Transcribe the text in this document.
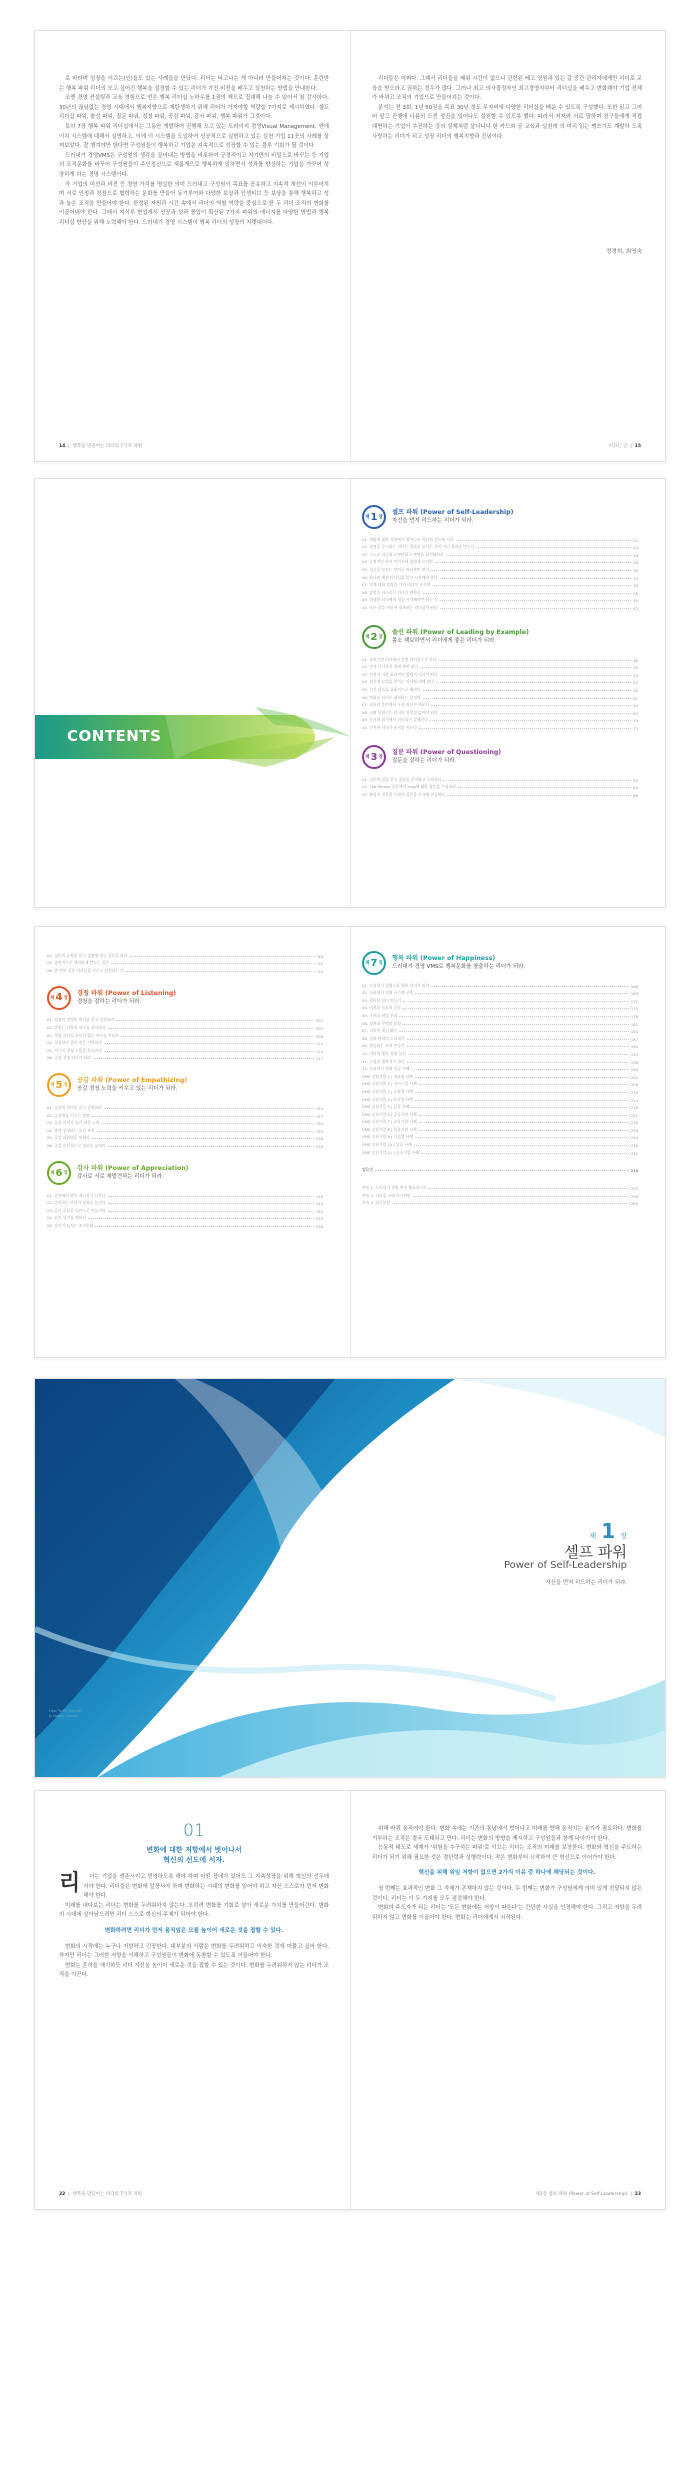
로 바라며 성장을 이끄는(인)들도 있는 사례들을 만났다. 리더는 타고나는 게 아니라 만들어지는 것이다. 훈련받는 행복 파워 리더의 모고 싶어진 행복을 설정할 수 있는 리더가 가진 비전을 배우고 실천하는 방법을 안내한다.

조엔 경영 컨설팅과 교육 경험으로 얻은 행복 리더십 노하우를 1권의 책으로 집대해 나눔 수 있어서 참 감사하다. 30년의 끊임없는 경영 시대에서 행복지향으로 재탄생하기 위해 리더가 가져야할 역량을 7가지로 제시하였다. 셀프리더십 파워, 솔선 파워, 질문 파워, 경청 파워, 공감 파워, 감사 파워, 행복 파워가 그것이다.

특히 7장 행복 파워 리더십에서는 그동안 개발하여 진행해 오고 있는 트라이지 경영Visual Management, 엔에이치 시스템에 대해서 설명하고, 이에 이 시스템을 도입하여 성공적으로 실현하고 있는 실천 기업 11곳의 사례를 살펴보았다. 잘 챙겨야만 한다면 구성원들이 행복하고 기업은 지속적으로 성장할 수 있는 블루 기회가 될 것이다.

드러내기 경영VMS은 구성원의 생각을 끌어내는 방법을 비롯하여 긍정적이고 자기만의 비밀으로 바꾸는 등 기업의 조직문화를 바꾸어 구성원들이 주인정신으로 새롭게으로 행복하게 일하면서 성과를 향상하는 기업을 가꾸어 성장하게 하는 경영 시스템이다.

즉 기업의 미션과 비전 등 경영 가치를 명실한 의미 드러내고 구성원이 목표를 공유하고 지속적 개선이 이루어지며 서로 인정과 칭찬으로 협력하는 문화를 만들어 동기부여와 다양한 보상과 인센티브 등 보상을 통해 행복하고 성과 높은 조직을 만들어야 한다. 한정된 자원과 시간 속에서 리더의 역할 역량을 중심으로 한 두 리더 조직의 변화를 이끌어내야 한다. 그래서 지식부 현업에서 성공과 성과 몰입이 확산된 7가지 파워의 에너지를 다양한 방법과 행복 리더십 향상을 위해 노력해야 한다. 드러내기 경영 시스템이 행복 리더의 성장의 지렛대이다.

14  |  행복을 만들어는 리더의 7가지 파워

리더들은 어쩌다. 그래서 리더들을 배워 시간이 없으니 관련된 베고 영원과 있는 갈 중간 관리자에게만 리더로 교육을 받으라고 권하는 경우가 많다. 그러나 최고 의사결정자인 최고경영자부터 리더십을 배우고 변화해야 기업 전체가 바뀌고 조직의 기업으로 만들어지는 것이다.

분석는 전 3회, 1년 50권을 목표 30년 정도 무자비에 다양한 리더십을 배운 수 있도록 구성했다. 또한 읽고 그저비 앞고 진행에 나름의 도전 정진을 일어나도 실천할 수 있도록 했다. 따라서 저자와 서로 말하며 친구들에게 직접 대면하는 기업이 추진하는 강의 실제처럼 살다니다 한 카드와 공 교육과 실천에 의 미리 읽는 맹쓰기도 계발하 도록 사랑하는 리더가 되고 성장 리더의 행복지향과 진념이다.

정경희, 최영숙
이끄는 글  |  15
CONTENTS
제 1 장
셀프 파워 (Power of Self-Leadership)
자신을 먼저 리드하는 리더가 되라.
01. 변화에 대한 저항에서 벗어나서 혁신의 선도에 서자	22
02. 과정을 중시하는 리더는 결과를 높이는 것이 아닌 결과를 만든다	24
03. 스스로 자극하고 판단하고 판단을 최적화한다	26
04. 긍정적인 자아 이미지에 강하게 끌리면	28
05. 성공을 부르는 언어로 바라보면 된다	30
06. 하나의 핵심 리더십을 갖고 시작해야 한다	33
07. 일에 대한 열정을 가진 리더의 사고력	36
08. 감정을 다스리는 리더가 변한다	38
09. 위대한 리더에게 처음 시작해야만 하는 것	40
10. 모든 것을 이끌어 창조하는 리더십이 된다	42
제 2 장
솔선 파워 (Power of Leading by Example)
몸소 해보하면서 리더에게 좋은 리더가 되라.
01. 솔선수범 리더에서 진정 리더십으로 간다	48
02. 먼저 다가가서 쉽게 하면 된다	50
03. 인정이 가장 효과적인 방법의 리더가 된다	53
04. 위기에 모범을 보이는 리더에 의해 된다	55
05. 시간 관리를 효율적으로 해낸다	58
06. 변화를 리더로 대처하는 결정력	61
07. 교육과 훈련에서 우선 리더가 배운다	64
08. 신뢰 분위기는 리더의 진정성 있어야 된다	67
09. 끈기와 위기에서 리더십이 강해진다	70
10. 건전한 리더가 조직을 바꾼다	73
제 3 장
질문 파워 (Power of Questioning)
질문을 잘하는 리더가 되라.
01. 질문의 힘을 알고 질문을 준비하고 시작하라	80
02. The Person 질문에서 How에 대한 질문을 수집하라	83
03. 확장적 질문과 수렴적 질문을 동시에 연습하라	86
04. 질문의 유형을 알고 상황에 맞는 질문을 하라	89
05. 창의적으로 생각하게 만드는 질문	92
06. 한 번의 질문 리더십을 키우고 실천하는 것	95
제 4 장
경청 파워 (Power of Listening)
경청을 잘하는 리더가 되라.
01. 경청의 진정한 의미를 알고 실천하라	102
02. 말하는 사람의 의도를 파악하라	105
03. 경청 리더십 보이지 않는 차이를 만들라	108
04. 경청하면 좋은 점을 기억하자	111
05. 적극적 경청 스킬을 학습하라	114
06. 공감 경청 리더가 되라	117
제 5 장
공감 파워 (Power of Empathizing)
공감 경청 노력을 키우고 있는 리더가 되라.
01. 공감의 의미를 알고 실천하라	124
02. 공감력을 키우는 방법	127
03. 공감 리더가 되기 위한 노력	130
04. 함께 성장하는 공감 조직	133
05. 공감 대화법을 익혀라	136
06. 공감 리더십으로 성과를 높여라	139
제 6 장
감사 파워 (Power of Appreciation)
감사로 서로 재발견하는 리더가 되라.
01. 감사에서 행복 에너지가 나온다	146
02. 감사하는 리더가 성과를 높인다	149
03. 감사 표현을 습관으로 만들어라	152
04. 감사 일기를 써보자	155
05. 감사가 넘치는 조직문화	158
제 7 장
행복 파워 (Power of Happiness)
드러내기 경영 VMS로 행복문화를 창출하는 리더가 되라.
01. 드러내기 경영으로 행복 리더가 되라	166
02. 드러내기 경영 시스템 구축	169
03. 행복한 일터 만들기	172
04. 비전과 목표의 공유	175
05. 소통과 협업 문화	178
06. 칭찬과 인정의 문화	181
07. 지속적 개선 활동	184
08. 성과 관리의 드러내기	187
09. 학습하는 조직 만들기	190
10. 리더의 행복 경영 실천	193
11. 구성원 행복지수 관리	196
12. 드러내기 경영 성공 사례	199
VMS 실천기업 1 | 제조업 사례	202
VMS 실천기업 2 | 서비스업 사례	206
VMS 실천기업 3 | 유통업 사례	210
VMS 실천기업 4 | IT기업 사례	214
VMS 실천기업 5 | 금융 사례	218
VMS 실천기업 6 | 공공기관 사례	222
VMS 실천기업 7 | 교육기관 사례	226
VMS 실천기업 8 | 의료기관 사례	230
VMS 실천기업 9 | 건설업 사례	234
VMS 실천기업 10 | 물류 사례	238
VMS 실천기업 11 | 중소기업 사례	242
맺음말	248
부록 1. 드러내기 경영 추진 체크리스트	252
부록 2. 리더십 파워 자가진단	256
부록 3. 참고문헌	260
제 1 장
셀프 파워
Power of Self-Leadership
자신을 먼저 리드하는 리더가 되라.
How To Be Simple
& Happy Leader
01
변화에 대한 저항에서 벗어나서
혁신의 선도에 서자.
리	더는 기업을 생존시키고 번영하도록 해야 하며 어떤 장애가 있어도 그 지속성장을 위해 혁신의 선두에 서야 한다. 리더들은 변화에 앞장서야 하며 변화하는 시대의 변화를 읽어야 하고 자신 스스로가 먼저 변화해야 한다.

미래를 내다보는 리더는 변화를 두려워하지 않는다. 오히려 변화를 기회로 삼아 새로운 가치를 만들어간다. 변화의 시대에 살아남으려면 리더 스스로 혁신의 주체가 되어야 한다.

변화하려면 리더가 먼저 움직임은 모를 높이어 새로운 것을 접할 수 있다.

변화의 시작에는 누구나 저항하고 긴장한다. 대부분의 사람은 변화를 두려워하고 익숙한 것에 머물고 싶어 한다. 하지만 리더는 그러한 저항을 이해하고 구성원들이 변화에 동참할 수 있도록 이끌어야 한다.

변화는 흔히들 얘기하듯 리더 자신을 높이어 새로운 것을 접할 수 있는 것이다. 변화를 두려워하지 않는 리더가 조직을 이끈다.

22  |  행복을 만들어는 리더의 7가지 파워

위해 바뀌 움직여야 한다. 변화 속에는 기존의 통념에서 벗어나고 미래를 향해 움직이는 용기가 필요하다. 변화를 거부하는 조직은 결국 도태되고 만다. 리더는 변화의 방향을 제시하고 구성원들과 함께 나아가야 한다.

능동적 태도로 세계가 '위험을 추구하는 파워'로 이끄는 리더는 조직의 미래를 보장한다. 변화와 혁신을 주도하는 리더가 되기 위해 필요한 것은 결단력과 실행력이다. 작은 변화부터 시작하여 큰 혁신으로 이어가야 한다.

혁신을 위해 위임 저항이 없으면 2가지 이유 중 하나에 해당되는 것이다.

첫 번째는 효과적인 변화 그 자체가 존재하지 않는 것이다. 두 번째는 변화가 구성원에게 의미 있게 전달되지 않은 것이다. 리더는 이 두 가지를 모두 점검해야 한다.

변화의 주도자가 되는 리더는 '모든 변화에는 저항이 따른다'는 간단한 사실을 인정해야 한다. 그리고 저항을 두려워하지 않고 변화를 이끌어야 한다. 변화는 리더에게서 시작된다.

제1장 셀프 파워 (Power of Self-Leadership)  |  23
